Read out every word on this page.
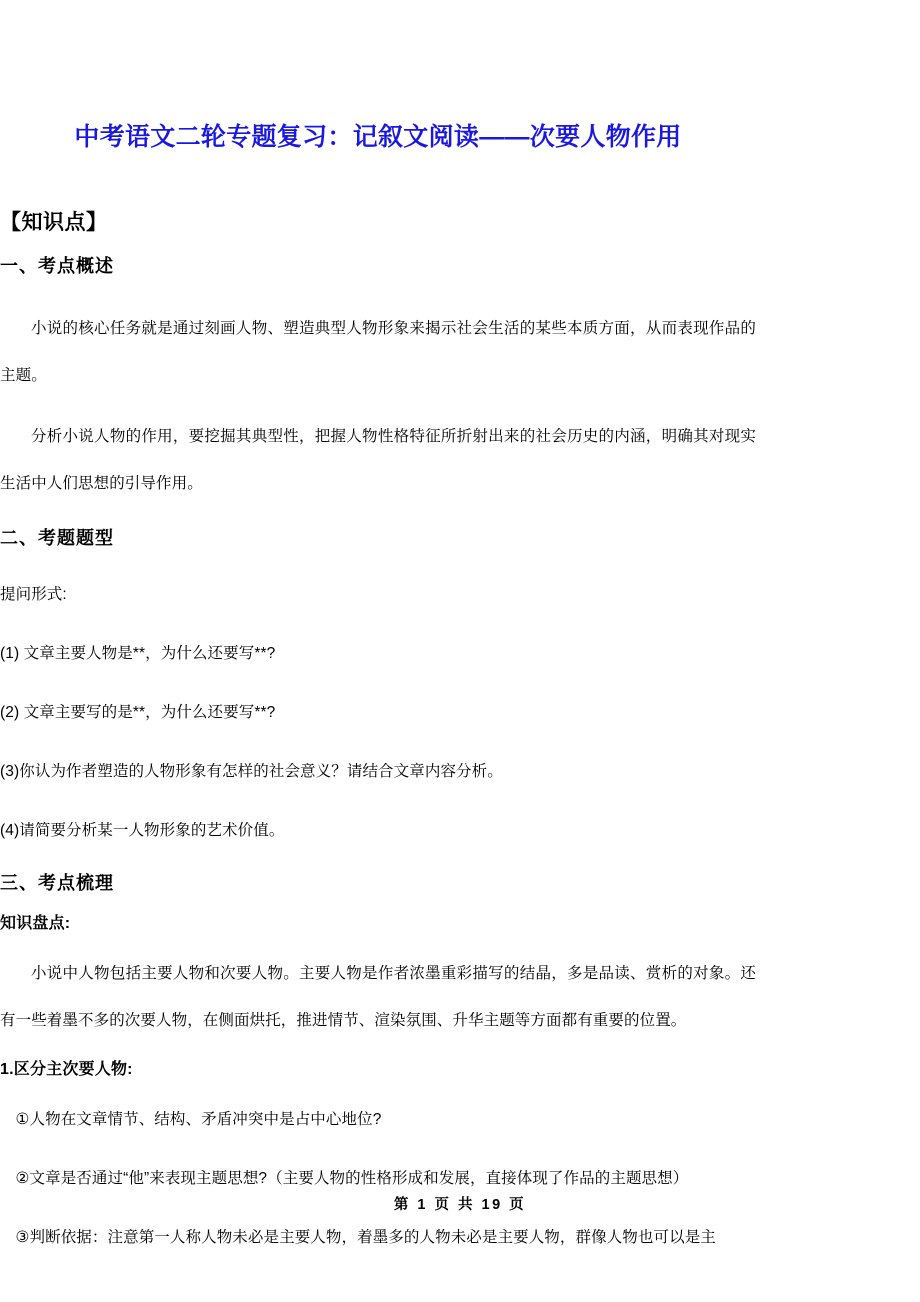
中考语文二轮专题复习：记叙文阅读——次要人物作用
【知识点】
一、考点概述

小说的核心任务就是通过刻画人物、塑造典型人物形象来揭示社会生活的某些本质方面，从而表现作品的主题。

分析小说人物的作用，要挖掘其典型性，把握人物性格特征所折射出来的社会历史的内涵，明确其对现实生活中人们思想的引导作用。

二、考题题型

提问形式:

(1) 文章主要人物是**，为什么还要写**?

(2) 文章主要写的是**，为什么还要写**?

(3)你认为作者塑造的人物形象有怎样的社会意义？请结合文章内容分析。

(4)请简要分析某一人物形象的艺术价值。

三、考点梳理
知识盘点:

小说中人物包括主要人物和次要人物。主要人物是作者浓墨重彩描写的结晶，多是品读、赏析的对象。还有一些着墨不多的次要人物，在侧面烘托，推进情节、渲染氛围、升华主题等方面都有重要的位置。

1.区分主次要人物:

①人物在文章情节、结构、矛盾冲突中是占中心地位?

②文章是否通过“他”来表现主题思想?（主要人物的性格形成和发展，直接体现了作品的主题思想）

③判断依据：注意第一人称人物未必是主要人物，着墨多的人物未必是主要人物，群像人物也可以是主

第 1 页 共 19 页
